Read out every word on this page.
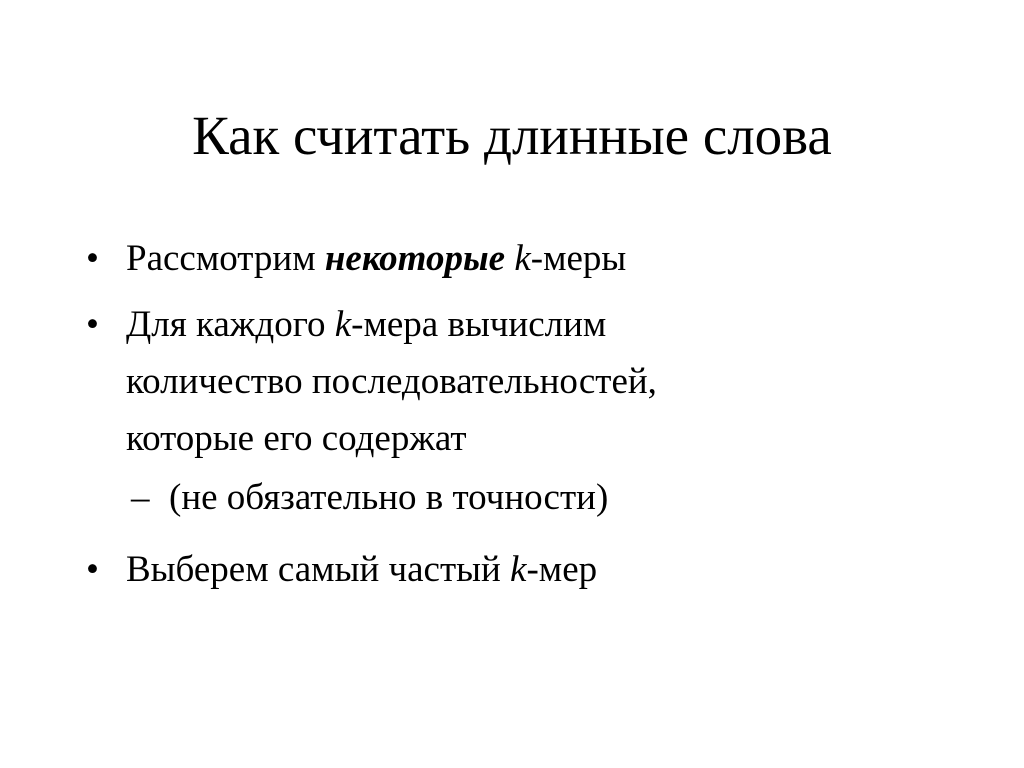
Как считать длинные слова
• Рассмотрим некоторые k-меры
• Для каждого k-мера вычислим
количество последовательностей,
которые его содержат
– (не обязательно в точности)
• Выберем самый частый k-мер
